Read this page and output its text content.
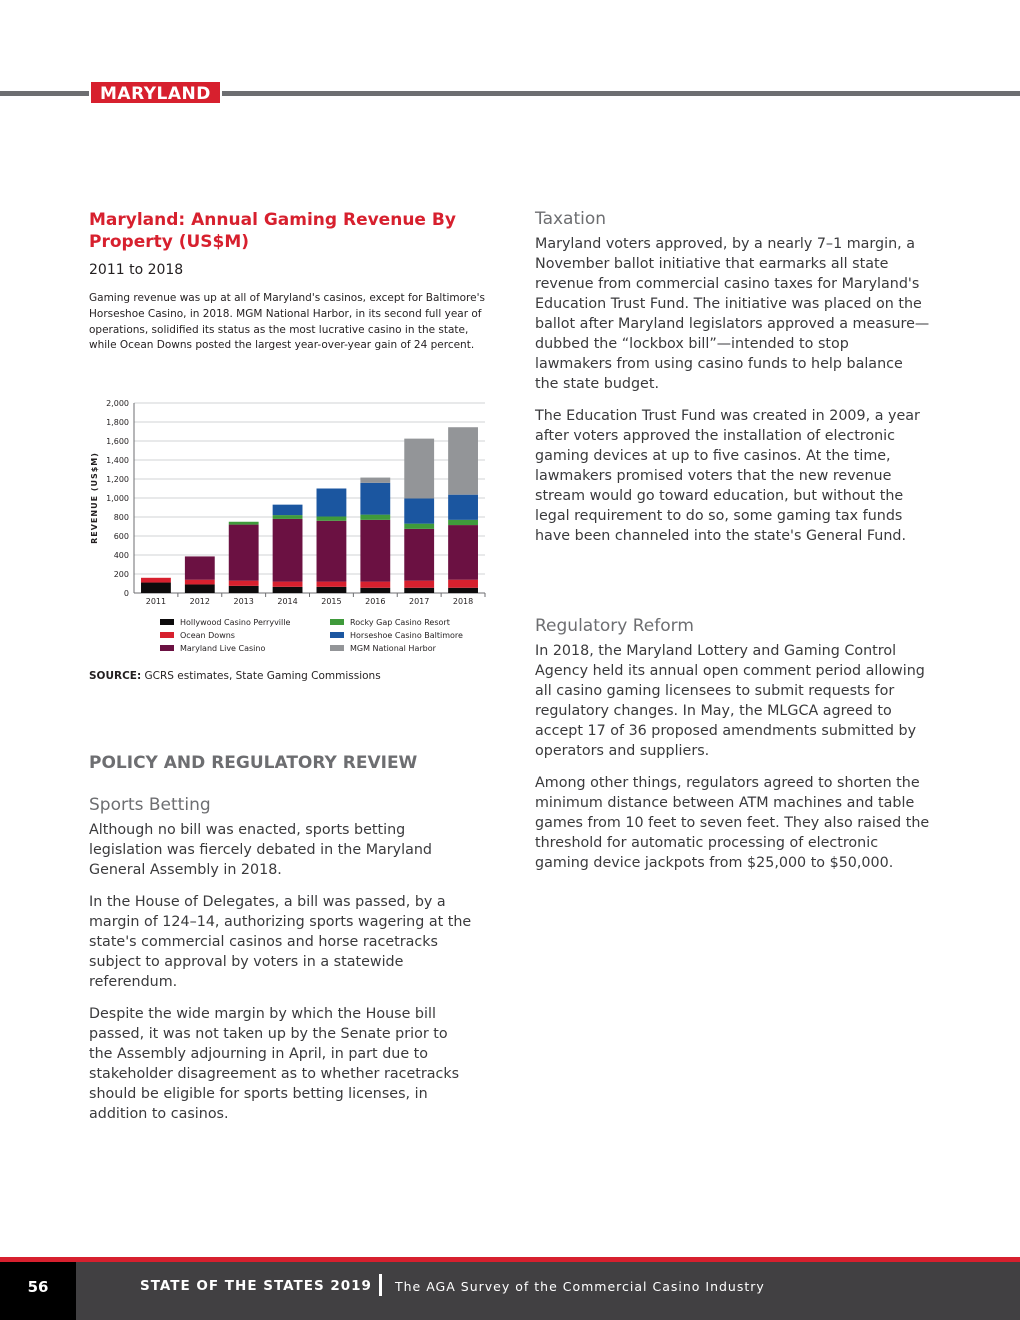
MARYLAND
Maryland: Annual Gaming Revenue By Property (US$M)
2011 to 2018
Gaming revenue was up at all of Maryland's casinos, except for Baltimore's Horseshoe Casino, in 2018. MGM National Harbor, in its second full year of operations, solidified its status as the most lucrative casino in the state, while Ocean Downs posted the largest year-over-year gain of 24 percent.
0
200
400
600
800
1,000
1,200
1,400
1,600
1,800
2,000
REVENUE (US$M)
2011	2012	2013	2014	2015	2016	2017	2018
Hollywood Casino Perryville	Rocky Gap Casino Resort
Ocean Downs	Horseshoe Casino Baltimore
Maryland Live Casino	MGM National Harbor
SOURCE: GCRS estimates, State Gaming Commissions
POLICY AND REGULATORY REVIEW
Sports Betting

Although no bill was enacted, sports betting legislation was fiercely debated in the Maryland General Assembly in 2018.

In the House of Delegates, a bill was passed, by a margin of 124–14, authorizing sports wagering at the state's commercial casinos and horse racetracks subject to approval by voters in a statewide referendum.

Despite the wide margin by which the House bill passed, it was not taken up by the Senate prior to the Assembly adjourning in April, in part due to stakeholder disagreement as to whether racetracks should be eligible for sports betting licenses, in addition to casinos.

Taxation

Maryland voters approved, by a nearly 7–1 margin, a November ballot initiative that earmarks all state revenue from commercial casino taxes for Maryland's Education Trust Fund. The initiative was placed on the ballot after Maryland legislators approved a measure—dubbed the “lockbox bill”—intended to stop lawmakers from using casino funds to help balance the state budget.

The Education Trust Fund was created in 2009, a year after voters approved the installation of electronic gaming devices at up to five casinos. At the time, lawmakers promised voters that the new revenue stream would go toward education, but without the legal requirement to do so, some gaming tax funds have been channeled into the state's General Fund.

Regulatory Reform

In 2018, the Maryland Lottery and Gaming Control Agency held its annual open comment period allowing all casino gaming licensees to submit requests for regulatory changes. In May, the MLGCA agreed to accept 17 of 36 proposed amendments submitted by operators and suppliers.

Among other things, regulators agreed to shorten the minimum distance between ATM machines and table games from 10 feet to seven feet. They also raised the threshold for automatic processing of electronic gaming device jackpots from $25,000 to $50,000.

56	STATE OF THE STATES 2019 The AGA Survey of the Commercial Casino Industry
